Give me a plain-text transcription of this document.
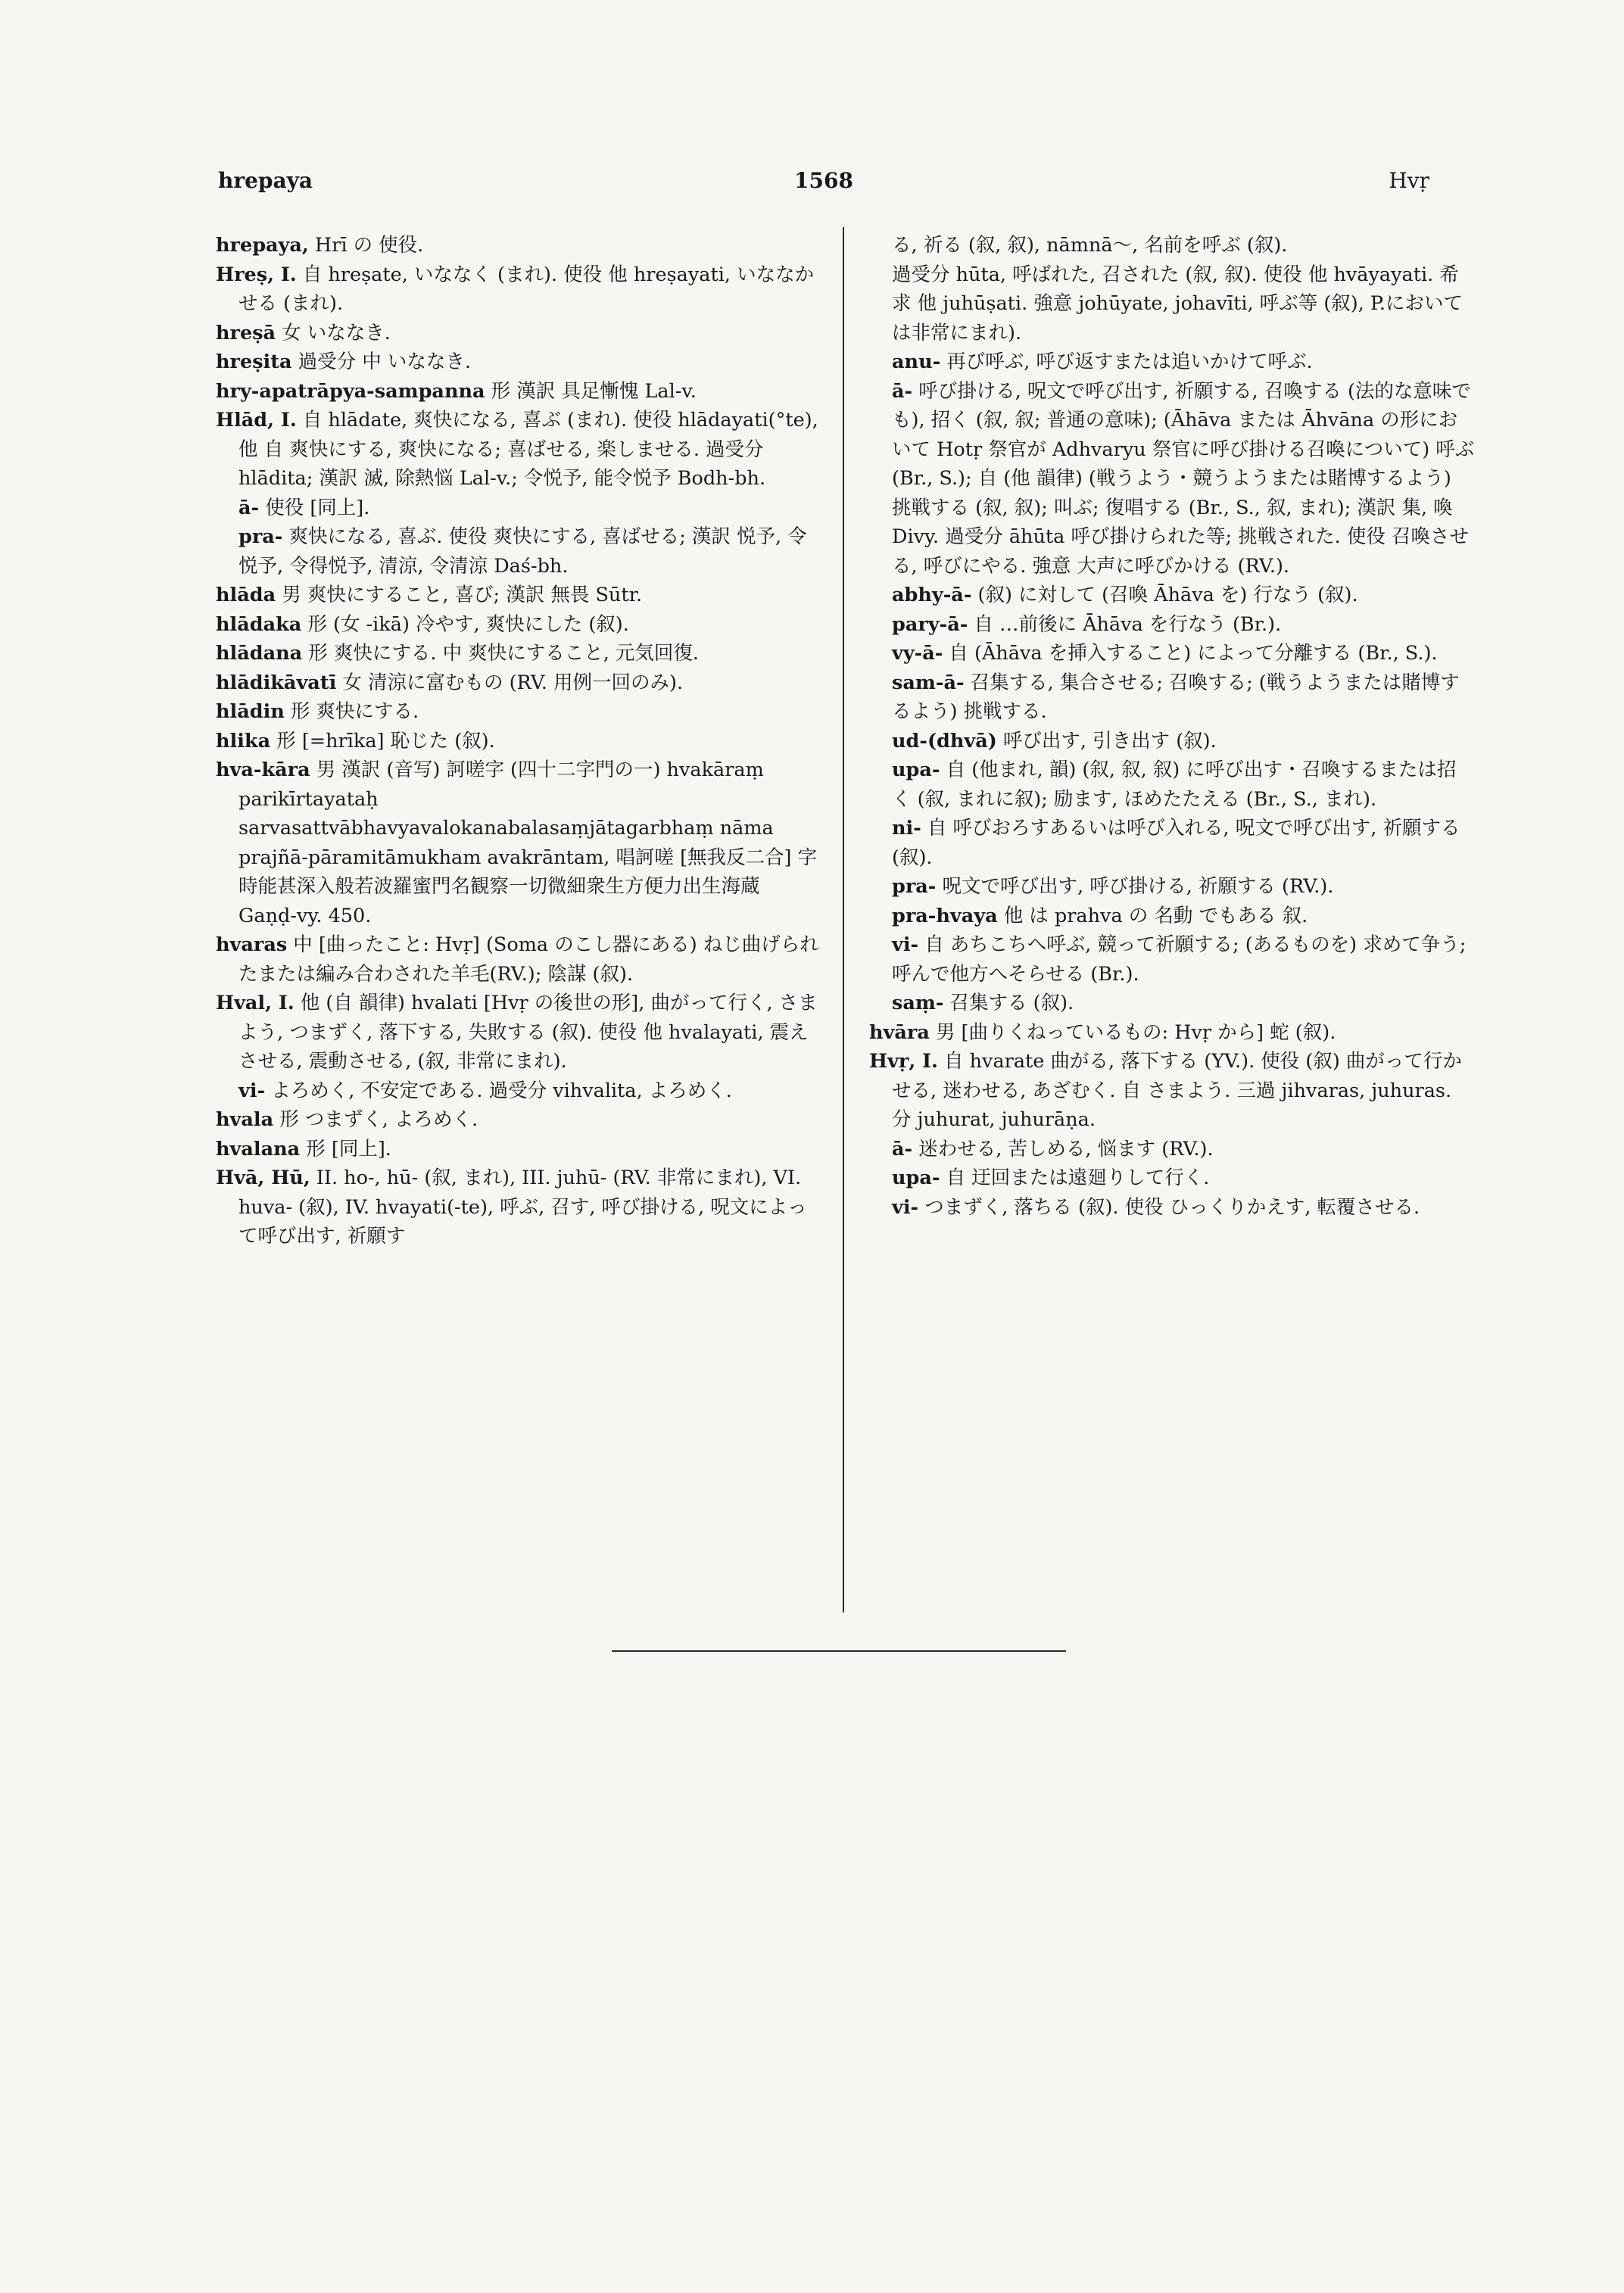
hrepaya	1568	Hvṛ

hrepaya, Hrī の 使役.

Hreṣ, I. 自 hreṣate, いななく (まれ). 使役 他 hreṣayati, いななかせる (まれ).

hreṣā 女 いななき.

hreṣita 過受分 中 いななき.

hry-apatrāpya-sampanna 形 漢訳 具足慚愧 Lal-v.

Hlād, I. 自 hlādate, 爽快になる, 喜ぶ (まれ). 使役 hlādayati(°te), 他 自 爽快にする, 爽快になる; 喜ばせる, 楽しませる. 過受分 hlādita; 漢訳 滅, 除熱悩 Lal-v.; 令悦予, 能令悦予 Bodh-bh.

ā- 使役 [同上].

pra- 爽快になる, 喜ぶ. 使役 爽快にする, 喜ばせる; 漢訳 悦予, 令悦予, 令得悦予, 清涼, 令清涼 Daś-bh.

hlāda 男 爽快にすること, 喜び; 漢訳 無畏 Sūtr.

hlādaka 形 (女 -ikā) 冷やす, 爽快にした (叙).

hlādana 形 爽快にする. 中 爽快にすること, 元気回復.

hlādikāvatī 女 清涼に富むもの (RV. 用例一回のみ).

hlādin 形 爽快にする.

hlika 形 [=hrīka] 恥じた (叙).

hva-kāra 男 漢訳 (音写) 訶嗟字 (四十二字門の一) hvakāraṃ parikīrtayataḥ sarvasattvābhavyavalokanabalasaṃjātagarbhaṃ nāma prajñā-pāramitāmukham avakrāntam, 唱訶嗟 [無我反二合] 字時能甚深入般若波羅蜜門名観察一切微細衆生方便力出生海蔵 Gaṇḍ-vy. 450.

hvaras 中 [曲ったこと: Hvṛ] (Soma のこし器にある) ねじ曲げられたまたは編み合わされた羊毛(RV.); 陰謀 (叙).

Hval, I. 他 (自 韻律) hvalati [Hvṛ の後世の形], 曲がって行く, さまよう, つまずく, 落下する, 失敗する (叙). 使役 他 hvalayati, 震えさせる, 震動させる, (叙, 非常にまれ).

vi- よろめく, 不安定である. 過受分 vihvalita, よろめく.

hvala 形 つまずく, よろめく.

hvalana 形 [同上].

Hvā, Hū, II. ho-, hū- (叙, まれ), III. juhū- (RV. 非常にまれ), VI. huva- (叙), IV. hvayati(-te), 呼ぶ, 召す, 呼び掛ける, 呪文によって呼び出す, 祈願す

る, 祈る (叙, 叙), nāmnā～, 名前を呼ぶ (叙).

過受分 hūta, 呼ばれた, 召された (叙, 叙). 使役 他 hvāyayati. 希求 他 juhūṣati. 強意 johūyate, johavīti, 呼ぶ等 (叙), P.においては非常にまれ).

anu- 再び呼ぶ, 呼び返すまたは追いかけて呼ぶ.

ā- 呼び掛ける, 呪文で呼び出す, 祈願する, 召喚する (法的な意味でも), 招く (叙, 叙; 普通の意味); (Āhāva または Āhvāna の形において Hotṛ 祭官が Adhvaryu 祭官に呼び掛ける召喚について) 呼ぶ (Br., S.); 自 (他 韻律) (戦うよう・競うようまたは賭博するよう) 挑戦する (叙, 叙); 叫ぶ; 復唱する (Br., S., 叙, まれ); 漢訳 集, 喚 Divy. 過受分 āhūta 呼び掛けられた等; 挑戦された. 使役 召喚させる, 呼びにやる. 強意 大声に呼びかける (RV.).

abhy-ā- (叙) に対して (召喚 Āhāva を) 行なう (叙).

pary-ā- 自 …前後に Āhāva を行なう (Br.).

vy-ā- 自 (Āhāva を挿入すること) によって分離する (Br., S.).

sam-ā- 召集する, 集合させる; 召喚する; (戦うようまたは賭博するよう) 挑戦する.

ud-(dhvā) 呼び出す, 引き出す (叙).

upa- 自 (他まれ, 韻) (叙, 叙, 叙) に呼び出す・召喚するまたは招く (叙, まれに叙); 励ます, ほめたたえる (Br., S., まれ).

ni- 自 呼びおろすあるいは呼び入れる, 呪文で呼び出す, 祈願する (叙).

pra- 呪文で呼び出す, 呼び掛ける, 祈願する (RV.).

pra-hvaya 他 は prahva の 名動 でもある 叙.

vi- 自 あちこちへ呼ぶ, 競って祈願する; (あるものを) 求めて争う; 呼んで他方へそらせる (Br.).

saṃ- 召集する (叙).

hvāra 男 [曲りくねっているもの: Hvṛ から] 蛇 (叙).

Hvṛ, I. 自 hvarate 曲がる, 落下する (YV.). 使役 (叙) 曲がって行かせる, 迷わせる, あざむく. 自 さまよう. 三過 jihvaras, juhuras. 分 juhurat, juhurāṇa.

ā- 迷わせる, 苦しめる, 悩ます (RV.).

upa- 自 迂回または遠廻りして行く.

vi- つまずく, 落ちる (叙). 使役 ひっくりかえす, 転覆させる.
